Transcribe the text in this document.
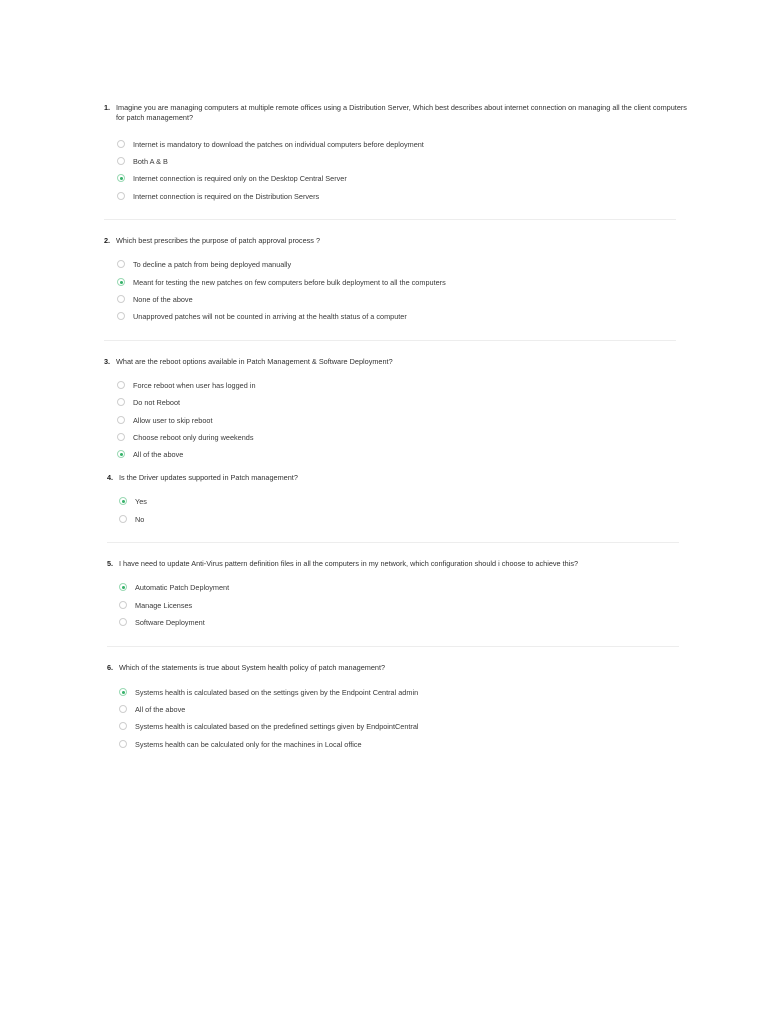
1. Imagine you are managing computers at multiple remote offices using a Distribution Server, Which best describes about internet connection on managing all the client computers for patch management?
Internet is mandatory to download the patches on individual computers before deployment
Both A & B
Internet connection is required only on the Desktop Central Server
Internet connection is required on the Distribution Servers
2. Which best prescribes the purpose of patch approval process ?
To decline a patch from being deployed manually
Meant for testing the new patches on few computers before bulk deployment to all the computers
None of the above
Unapproved patches will not be counted in arriving at the health status of a computer
3. What are the reboot options available in Patch Management & Software Deployment?
Force reboot when user has logged in
Do not Reboot
Allow user to skip reboot
Choose reboot only during weekends
All of the above
4. Is the Driver updates supported in Patch management?
Yes
No
5. I have need to update Anti-Virus pattern definition files in all the computers in my network, which configuration should i choose to achieve this?
Automatic Patch Deployment
Manage Licenses
Software Deployment
6. Which of the statements is true about System health policy of patch management?
Systems health is calculated based on the settings given by the Endpoint Central admin
All of the above
Systems health is calculated based on the predefined settings given by EndpointCentral
Systems health can be calculated only for the machines in Local office
